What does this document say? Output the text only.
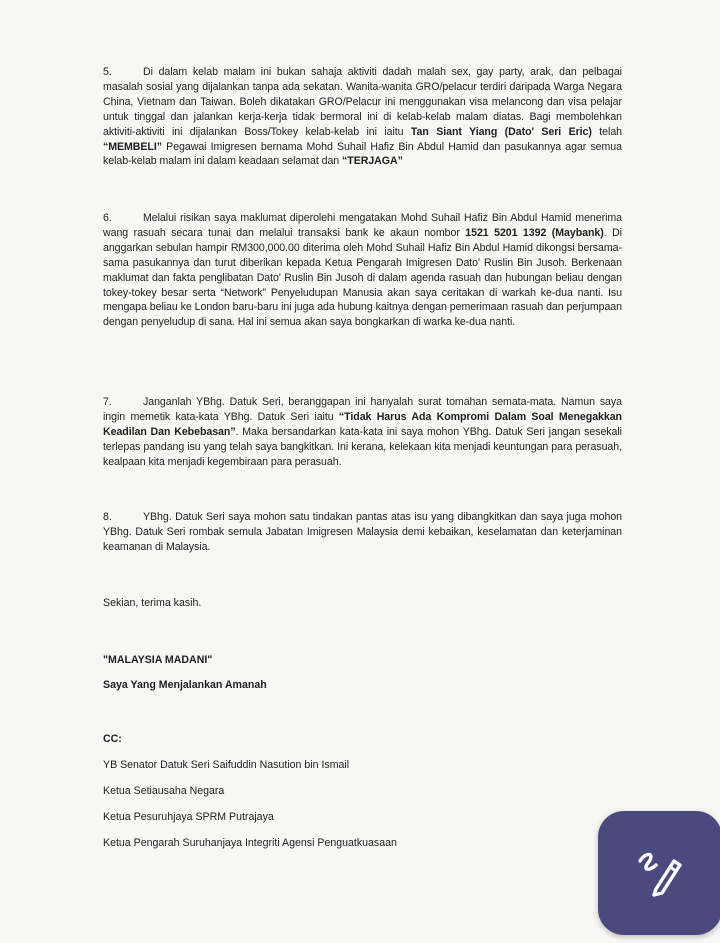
5.	Di dalam kelab malam ini bukan sahaja aktiviti dadah malah sex, gay party, arak, dan pelbagai masalah sosial yang dijalankan tanpa ada sekatan. Wanita-wanita GRO/pelacur terdiri daripada Warga Negara China, Vietnam dan Taiwan. Boleh dikatakan GRO/Pelacur ini menggunakan visa melancong dan visa pelajar untuk tinggal dan jalankan kerja-kerja tidak bermoral ini di kelab-kelab malam diatas. Bagi membolehkan aktiviti-aktiviti ini dijalankan Boss/Tokey kelab-kelab ini iaitu Tan Siant Yiang (Dato' Seri Eric) telah “MEMBELI” Pegawai Imigresen bernama Mohd Suhail Hafiz Bin Abdul Hamid dan pasukannya agar semua kelab-kelab malam ini dalam keadaan selamat dan “TERJAGA”

6.	Melalui risikan saya maklumat diperolehi mengatakan Mohd Suhail Hafiz Bin Abdul Hamid menerima wang rasuah secara tunai dan melalui transaksi bank ke akaun nombor 1521 5201 1392 (Maybank). Di anggarkan sebulan hampir RM300,000.00 diterima oleh Mohd Suhail Hafiz Bin Abdul Hamid dikongsi bersama-sama pasukannya dan turut diberikan kepada Ketua Pengarah Imigresen Dato' Ruslin Bin Jusoh. Berkenaan maklumat dan fakta penglibatan Dato' Ruslin Bin Jusoh di dalam agenda rasuah dan hubungan beliau dengan tokey-tokey besar serta “Network” Penyeludupan Manusia akan saya ceritakan di warkah ke-dua nanti. Isu mengapa beliau ke London baru-baru ini juga ada hubung kaitnya dengan pemerimaan rasuah dan perjumpaan dengan penyeludup di sana. Hal ini semua akan saya bongkarkan di warka ke-dua nanti.

7.	Janganlah YBhg. Datuk Seri, beranggapan ini hanyalah surat tomahan semata-mata. Namun saya ingin memetik kata-kata YBhg. Datuk Seri iaitu “Tidak Harus Ada Kompromi Dalam Soal Menegakkan Keadilan Dan Kebebasan”. Maka bersandarkan kata-kata ini saya mohon YBhg. Datuk Seri jangan sesekali terlepas pandang isu yang telah saya bangkitkan. Ini kerana, kelekaan kita menjadi keuntungan para perasuah, kealpaan kita menjadi kegembiraan para perasuah.

8.	YBhg. Datuk Seri saya mohon satu tindakan pantas atas isu yang dibangkitkan dan saya juga mohon YBhg. Datuk Seri rombak semula Jabatan Imigresen Malaysia demi kebaikan, keselamatan dan keterjaminan keamanan di Malaysia.

Sekian, terima kasih.
"MALAYSIA MADANI"
Saya Yang Menjalankan Amanah
CC:
YB Senator Datuk Seri Saifuddin Nasution bin Ismail
Ketua Setiausaha Negara
Ketua Pesuruhjaya SPRM Putrajaya
Ketua Pengarah Suruhanjaya Integriti Agensi Penguatkuasaan
